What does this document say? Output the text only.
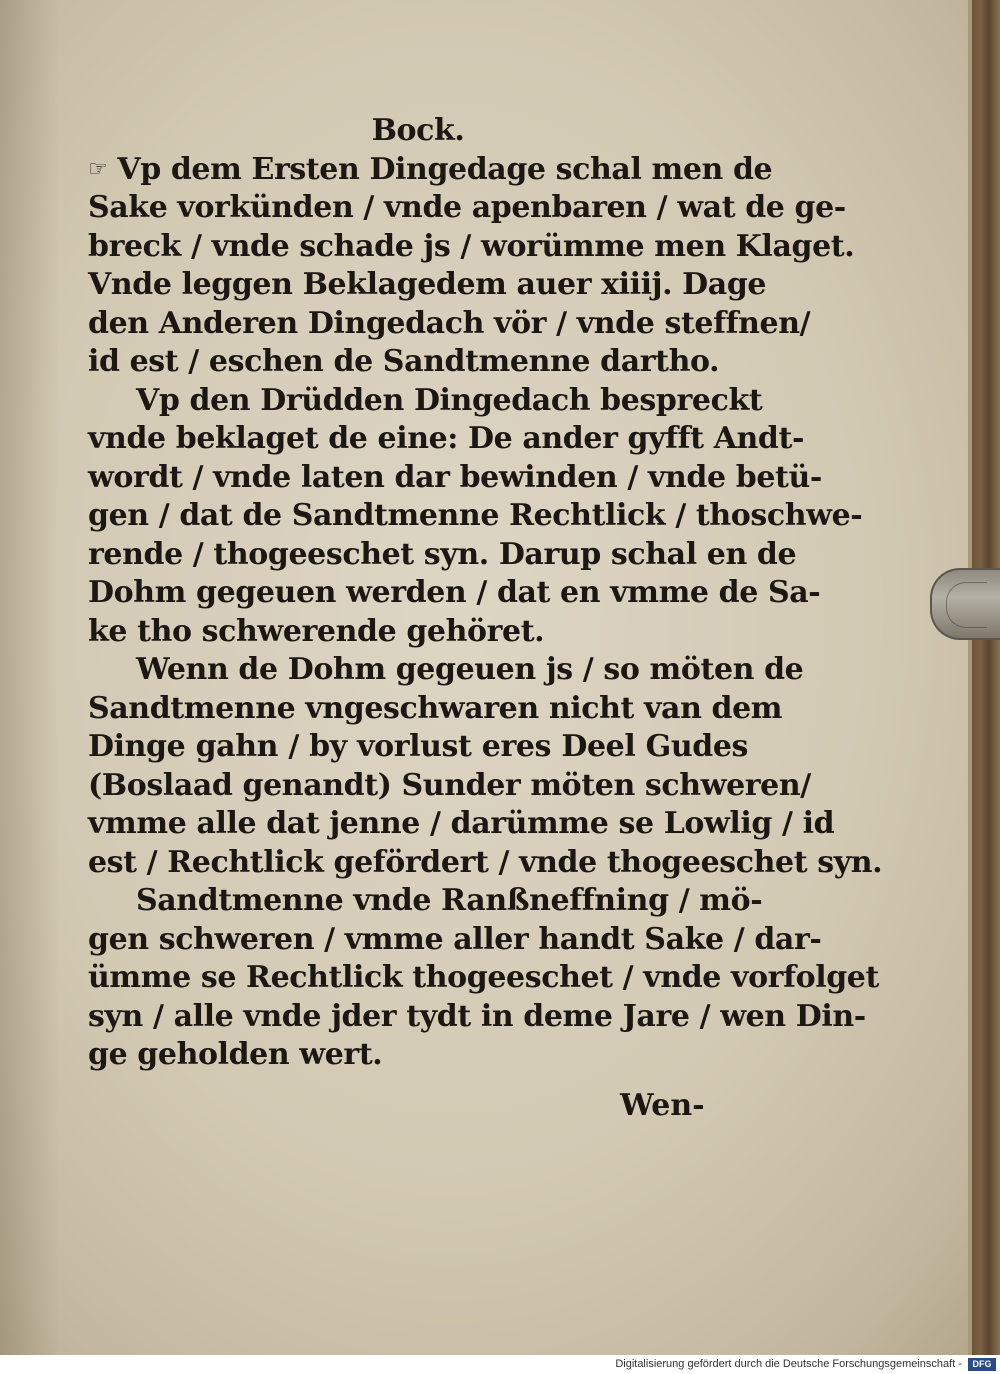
Bock.
☞ Vp dem Ersten Dingedage schal men de
Sake vorkünden / vnde apenbaren / wat de ge-
breck / vnde schade js / worümme men Klaget.
Vnde leggen Beklagedem auer xiiij. Dage
den Anderen Dingedach vör / vnde steffnen/
id est / eschen de Sandtmenne dartho.
Vp den Drüdden Dingedach bespreckt
vnde beklaget de eine: De ander gyfft Andt-
wordt / vnde laten dar bewinden / vnde betü-
gen / dat de Sandtmenne Rechtlick / thoschwe-
rende / thogeeschet syn. Darup schal en de
Dohm gegeuen werden / dat en vmme de Sa-
ke tho schwerende gehöret.
Wenn de Dohm gegeuen js / so möten de
Sandtmenne vngeschwaren nicht van dem
Dinge gahn / by vorlust eres Deel Gudes
(Boslaad genandt) Sunder möten schweren/
vmme alle dat jenne / darümme se Lowlig / id
est / Rechtlick gefördert / vnde thogeeschet syn.
Sandtmenne vnde Ranßneffning / mö-
gen schweren / vmme aller handt Sake / dar-
ümme se Rechtlick thogeeschet / vnde vorfolget
syn / alle vnde jder tydt in deme Jare / wen Din-
ge geholden wert.
Wen-
Digitalisierung gefördert durch die Deutsche Forschungsgemeinschaft -	DFG
